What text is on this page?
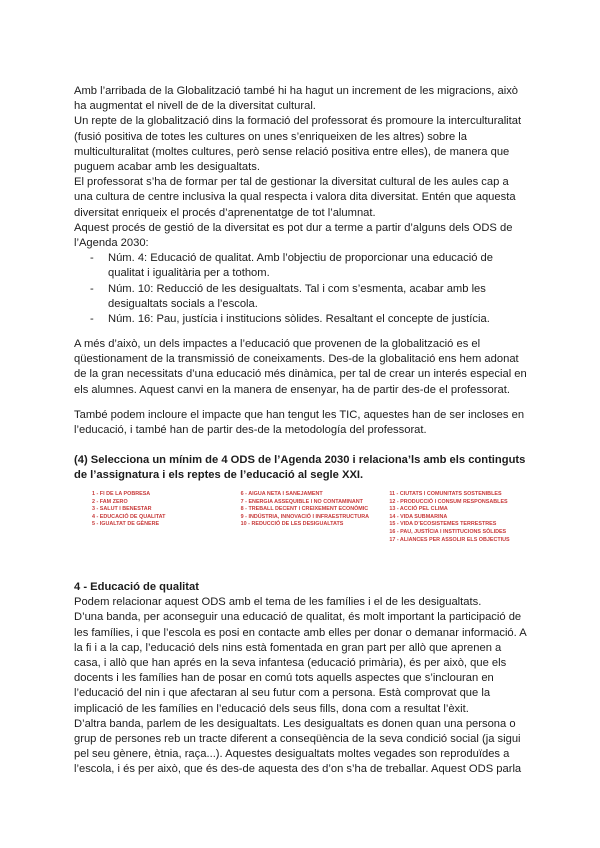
Amb l’arribada de la Globalització també hi ha hagut un increment de les migracions, això ha augmentat el nivell de de la diversitat cultural.

Un repte de la globalització dins la formació del professorat és promoure la interculturalitat (fusió positiva de totes les cultures on unes s’enriqueixen de les altres) sobre la multiculturalitat (moltes cultures, però sense relació positiva entre elles), de manera que puguem acabar amb les desigualtats.

El professorat s’ha de formar per tal de gestionar la diversitat cultural de les aules cap a una cultura de centre inclusiva la qual respecta i valora dita diversitat. Entén que aquesta diversitat enriqueix el procés d’aprenentatge de tot l’alumnat.

Aquest procés de gestió de la diversitat es pot dur a terme a partir d’alguns dels ODS de l’Agenda 2030:

- Núm. 4: Educació de qualitat. Amb l’objectiu de proporcionar una educació de qualitat i igualitària per a tothom.
- Núm. 10: Reducció de les desigualtats. Tal i com s’esmenta, acabar amb les desigualtats socials a l’escola.
- Núm. 16: Pau, justícia i institucions sòlides. Resaltant el concepte de justícia.

A més d’això, un dels impactes a l’educació que provenen de la globalització es el qüestionament de la transmissió de coneixaments. Des-de la globalitació ens hem adonat de la gran necessitats d’una educació més dinàmica, per tal de crear un interés especial en els alumnes. Aquest canvi en la manera de ensenyar, ha de partir des-de el professorat.

També podem incloure el impacte que han tengut les TIC, aquestes han de ser incloses en l’educació, i també han de partir des-de la metodología del professorat.

(4) Selecciona un mínim de 4 ODS de l’Agenda 2030 i relaciona’ls amb els continguts de l’assignatura i els reptes de l’educació al segle XXI.

1 - FI DE LA POBRESA
2 - FAM ZERO
3 - SALUT I BENESTAR
4 - EDUCACIÓ DE QUALITAT
5 - IGUALTAT DE GÈNERE
6 - AIGUA NETA I SANEJAMENT
7 - ENERGIA ASSEQUIBLE I NO CONTAMINANT
8 - TREBALL DECENT I CREIXEMENT ECONÒMIC
9 - INDÚSTRIA, INNOVACIÓ I INFRAESTRUCTURA
10 - REDUCCIÓ DE LES DESIGUALTATS
11 - CIUTATS I COMUNITATS SOSTENIBLES
12 - PRODUCCIÓ I CONSUM RESPONSABLES
13 - ACCIÓ PEL CLIMA
14 - VIDA SUBMARINA
15 - VIDA D’ECOSISTEMES TERRESTRES
16 - PAU, JUSTÍCIA I INSTITUCIONS SÒLIDES
17 - ALIANCES PER ASSOLIR ELS OBJECTIUS

4 - Educació de qualitat

Podem relacionar aquest ODS amb el tema de les famílies i el de les desigualtats.

D’una banda, per aconseguir una educació de qualitat, és molt important la participació de les famílies, i que l’escola es posi en contacte amb elles per donar o demanar informació. A la fi i a la cap, l’educació dels nins està fomentada en gran part per allò que aprenen a casa, i allò que han aprés en la seva infantesa (educació primària), és per això, que els docents i les famílies han de posar en comú tots aquells aspectes que s’inclouran en l’educació del nin i que afectaran al seu futur com a persona. Està comprovat que la implicació de les famílies en l’educació dels seus fills, dona com a resultat l’èxit.

D’altra banda, parlem de les desigualtats. Les desigualtats es donen quan una persona o grup de persones reb un tracte diferent a conseqüència de la seva condició social (ja sigui pel seu gènere, ètnia, raça...). Aquestes desigualtats moltes vegades son reproduïdes a l’escola, i és per això, que és des-de aquesta des d’on s’ha de treballar. Aquest ODS parla
